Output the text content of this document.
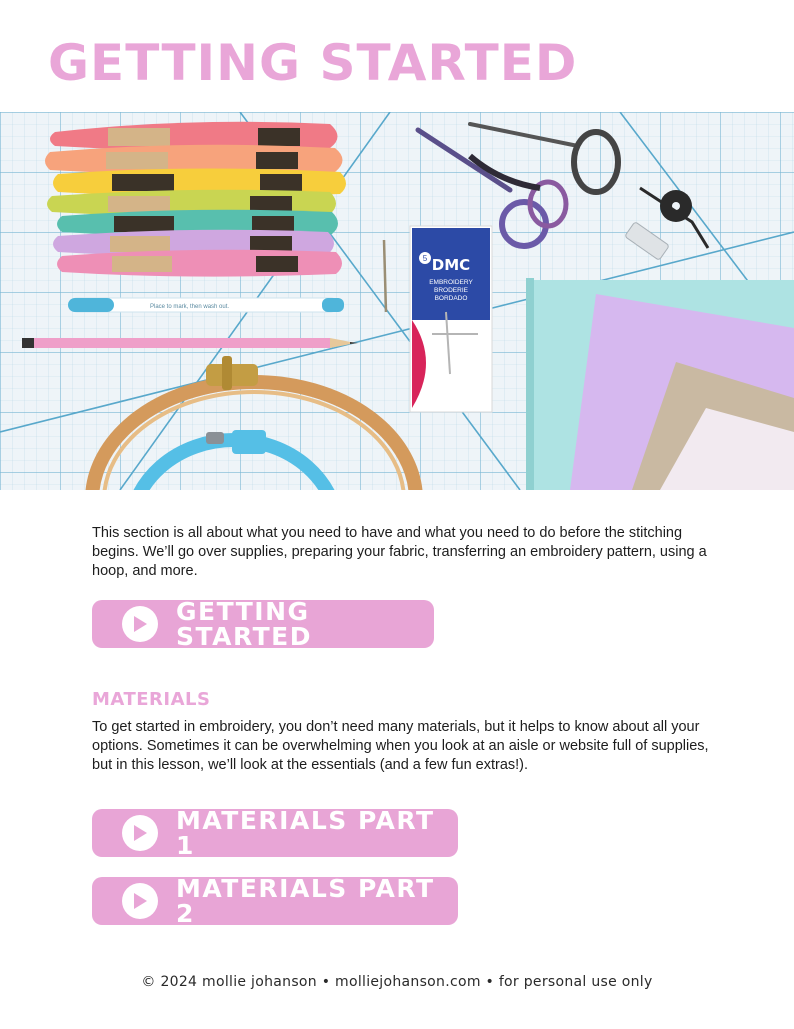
GETTING STARTED
Place to mark, then wash out.
DMC
EMBROIDERY
BRODERIE
BORDADO
5

This section is all about what you need to have and what you need to do before the stitching begins. We’ll go over supplies, preparing your fabric, transferring an embroidery pattern, using a hoop, and more.

GETTING STARTED
MATERIALS

To get started in embroidery, you don’t need many materials, but it helps to know about all your options. Sometimes it can be overwhelming when you look at an aisle or website full of supplies, but in this lesson, we’ll look at the essentials (and a few fun extras!).

MATERIALS PART 1
MATERIALS PART 2

© 2024 mollie johanson • molliejohanson.com • for personal use only
